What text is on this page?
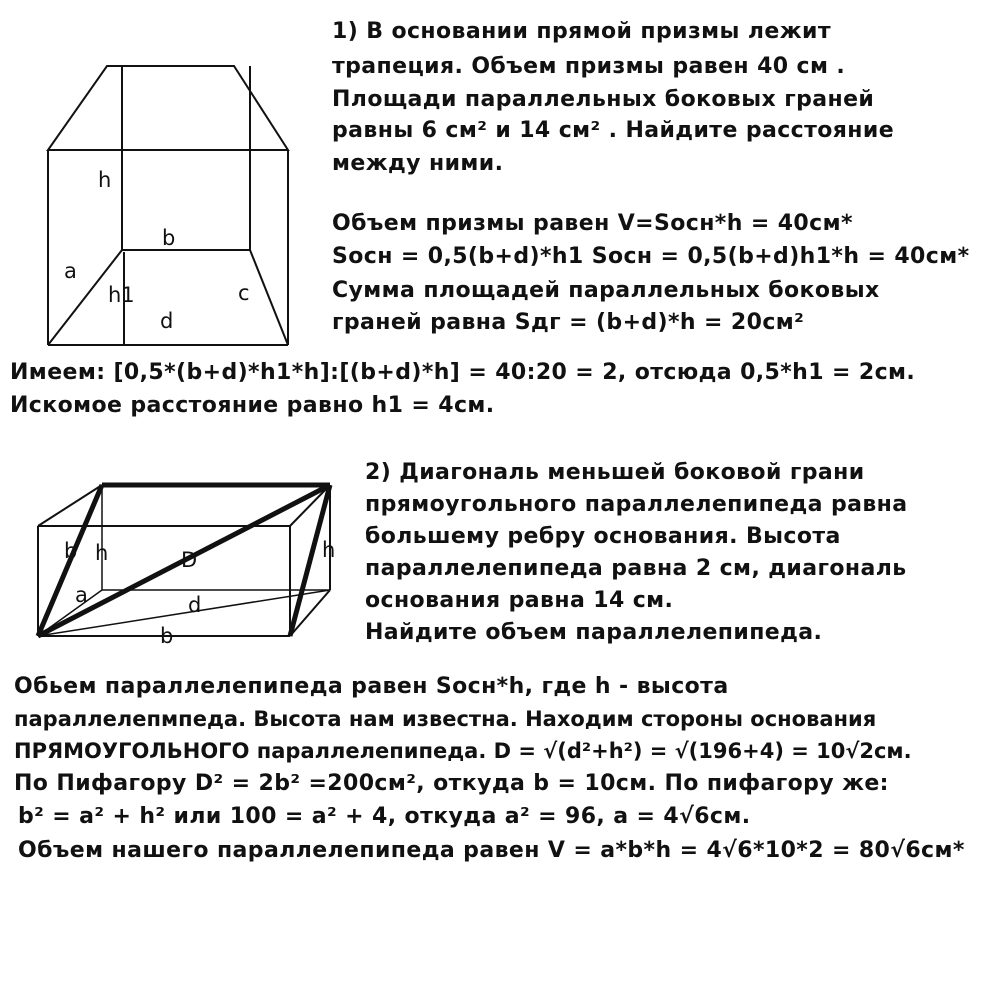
h
b
a
h1	c
d
b h	D	h
a	d
b
1) В основании прямой призмы лежит
трапеция. Объем призмы равен 40 см .
Площади параллельных боковых граней
равны 6 см² и 14 см² . Найдите расстояние
между ними.
Объем призмы равен V=Sосн*h = 40см*
Sосн = 0,5(b+d)*h1 Sосн = 0,5(b+d)h1*h = 40см*
Сумма площадей параллельных боковых
граней равна Sдг = (b+d)*h = 20см²
Имеем: [0,5*(b+d)*h1*h]:[(b+d)*h] = 40:20 = 2, отсюда 0,5*h1 = 2см.
Искомое расстояние равно h1 = 4см.
2) Диагональ меньшей боковой грани
прямоугольного параллелепипеда равна
большему ребру основания. Высота
параллелепипеда равна 2 см, диагональ
основания равна 14 см.
Найдите объем параллелепипеда.
Обьем параллелепипеда равен Sосн*h, где h - высота
параллелепмпеда. Высота нам известна. Находим стороны основания
ПРЯМОУГОЛЬНОГО параллелепипеда. D = √(d²+h²) = √(196+4) = 10√2см.
По Пифагору D² = 2b² =200см², откуда b = 10см. По пифагору же:
b² = a² + h² или 100 = a² + 4, откуда a² = 96, a = 4√6см.
Объем нашего параллелепипеда равен V = a*b*h = 4√6*10*2 = 80√6см*
